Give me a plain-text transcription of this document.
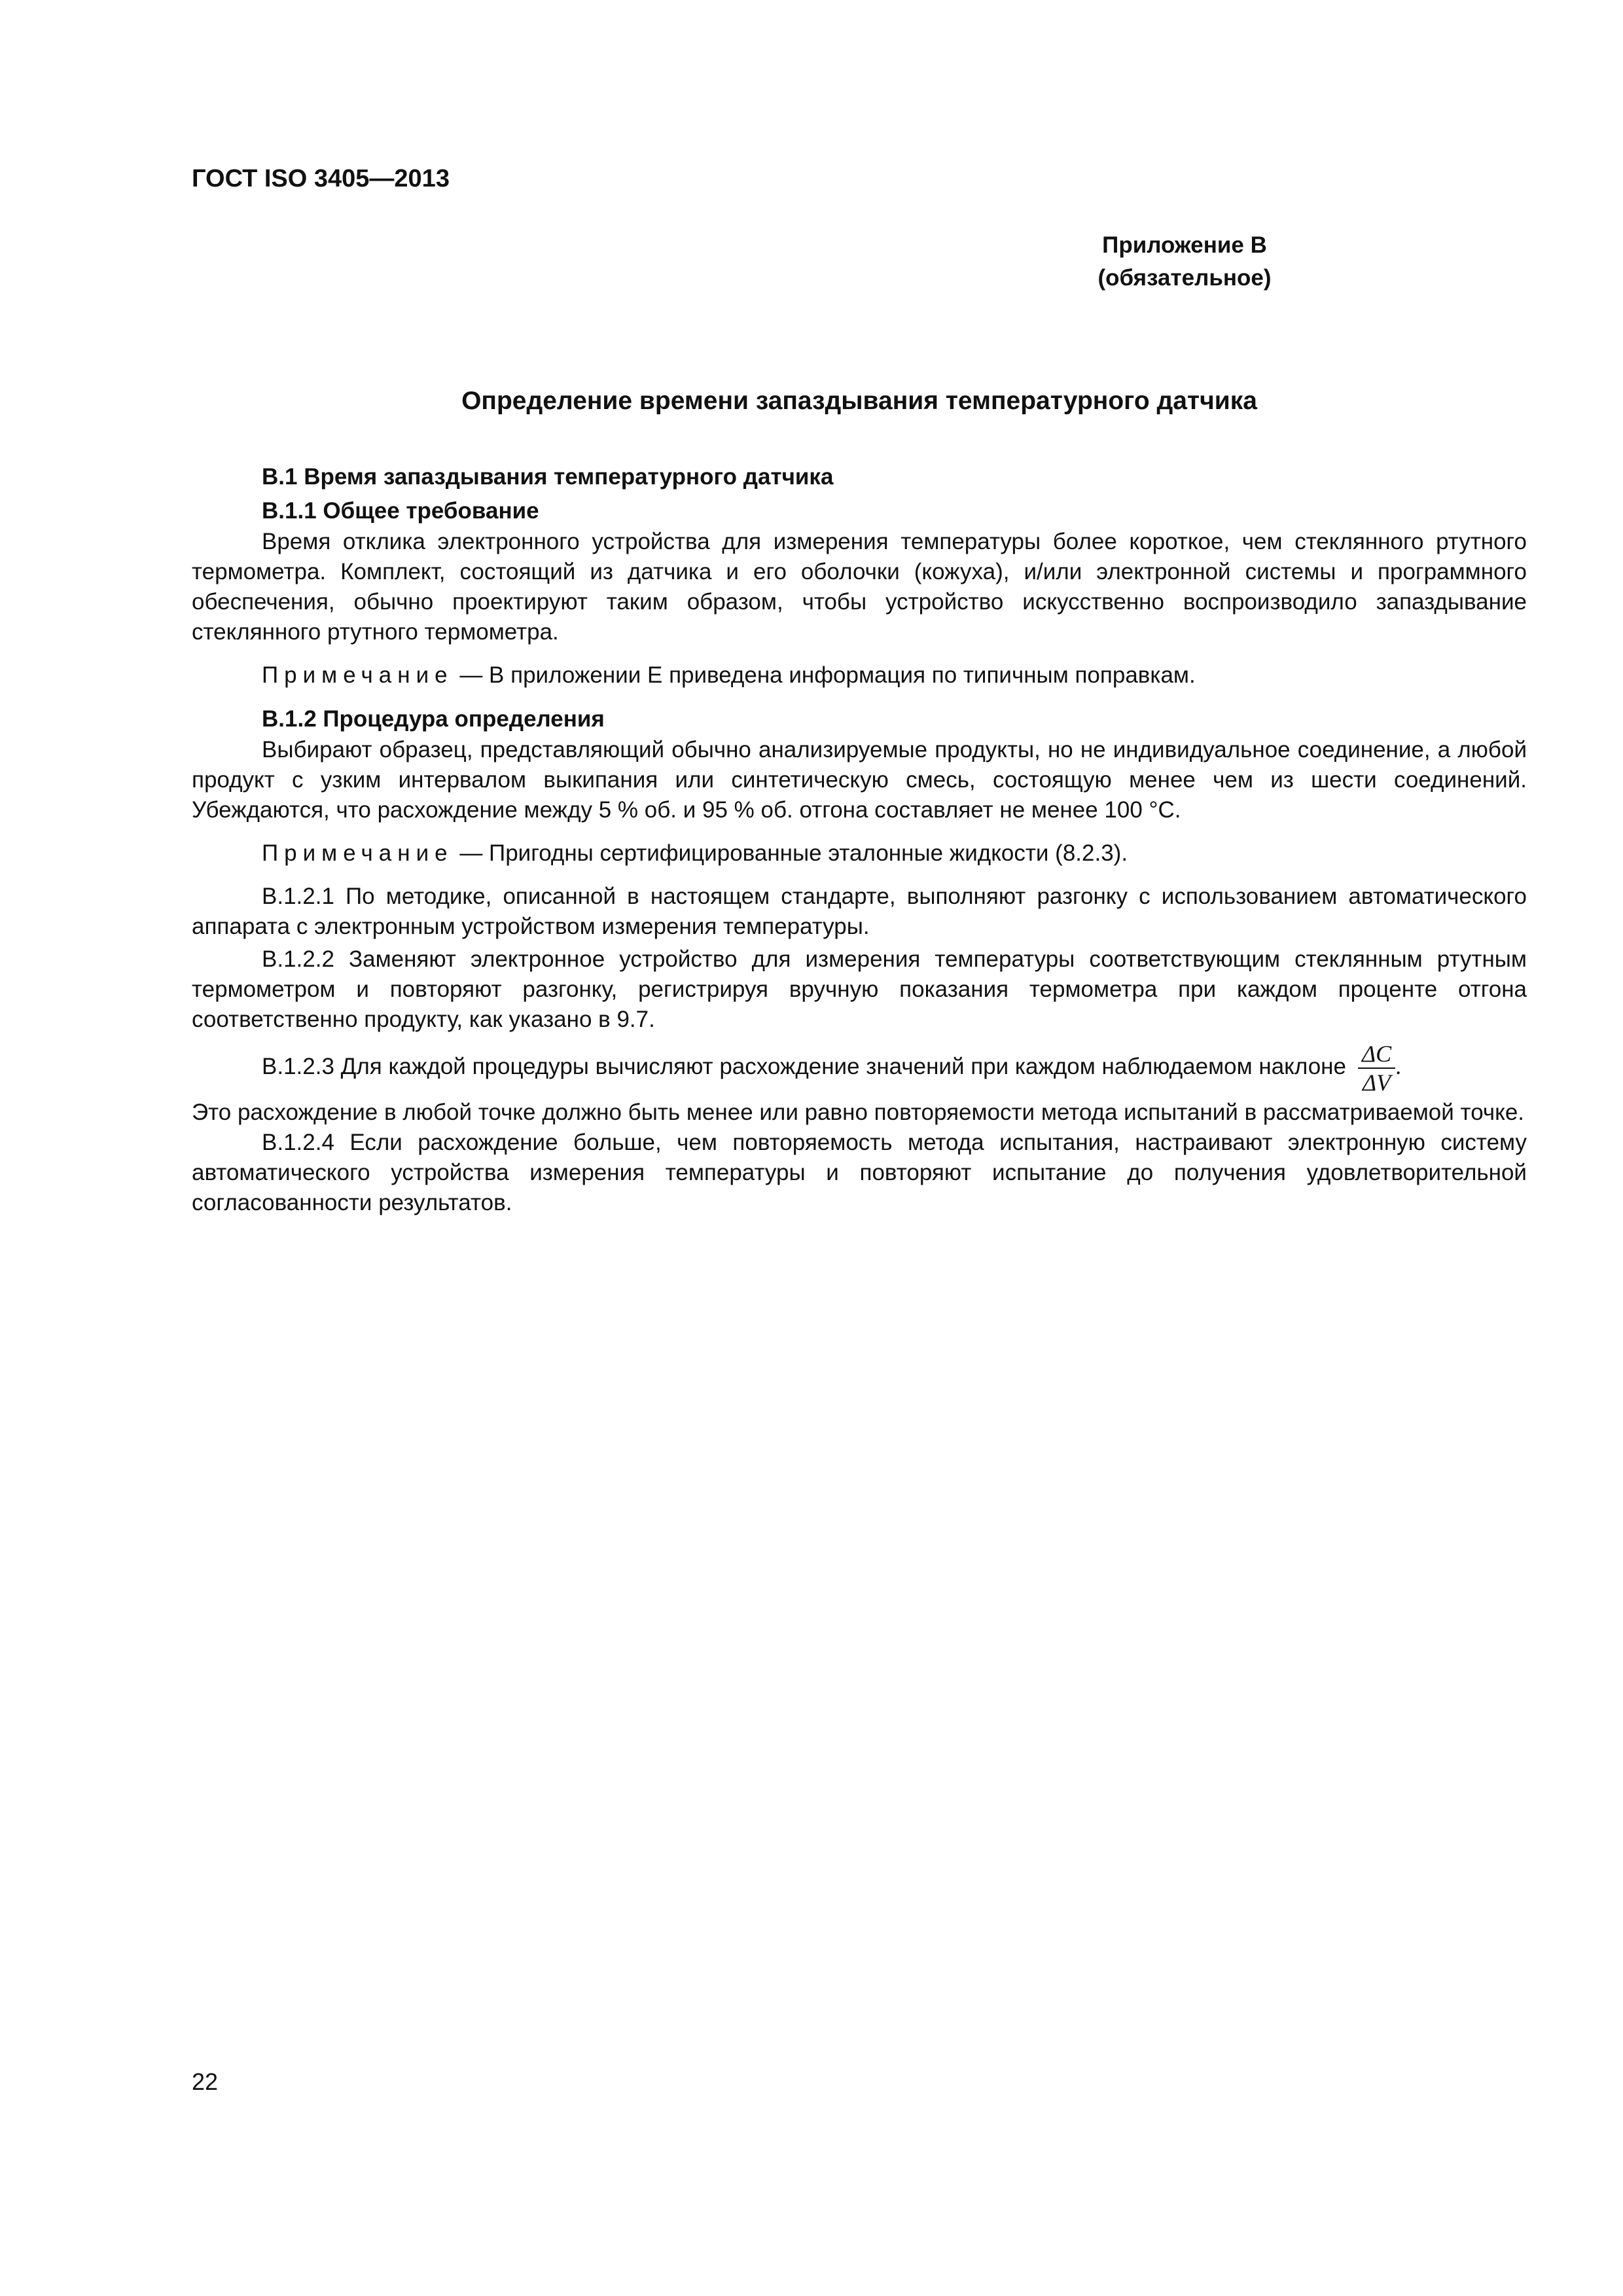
ГОСТ ISO 3405—2013
Приложение В
(обязательное)
Определение времени запаздывания температурного датчика

В.1 Время запаздывания температурного датчика

В.1.1 Общее требование

Время отклика электронного устройства для измерения температуры более короткое, чем стеклянного ртутного термометра. Комплект, состоящий из датчика и его оболочки (кожуха), и/или электронной системы и программного обеспечения, обычно проектируют таким образом, чтобы устройство искусственно воспроизводило запаздывание стеклянного ртутного термометра.

Примечание — В приложении Е приведена информация по типичным поправкам.

В.1.2 Процедура определения

Выбирают образец, представляющий обычно анализируемые продукты, но не индивидуальное соединение, а любой продукт с узким интервалом выкипания или синтетическую смесь, состоящую менее чем из шести соединений. Убеждаются, что расхождение между 5 % об. и 95 % об. отгона составляет не менее 100 °C.

Примечание — Пригодны сертифицированные эталонные жидкости (8.2.3).

В.1.2.1 По методике, описанной в настоящем стандарте, выполняют разгонку с использованием автоматического аппарата с электронным устройством измерения температуры.

В.1.2.2 Заменяют электронное устройство для измерения температуры соответствующим стеклянным ртутным термометром и повторяют разгонку, регистрируя вручную показания термометра при каждом проценте отгона соответственно продукту, как указано в 9.7.

В.1.2.3 Для каждой процедуры вычисляют расхождение значений при каждом наблюдаемом наклоне $\frac{\Delta C}{\Delta V}$ .

Это расхождение в любой точке должно быть менее или равно повторяемости метода испытаний в рассматриваемой точке.

В.1.2.4 Если расхождение больше, чем повторяемость метода испытания, настраивают электронную систему автоматического устройства измерения температуры и повторяют испытание до получения удовлетворительной согласованности результатов.

22
